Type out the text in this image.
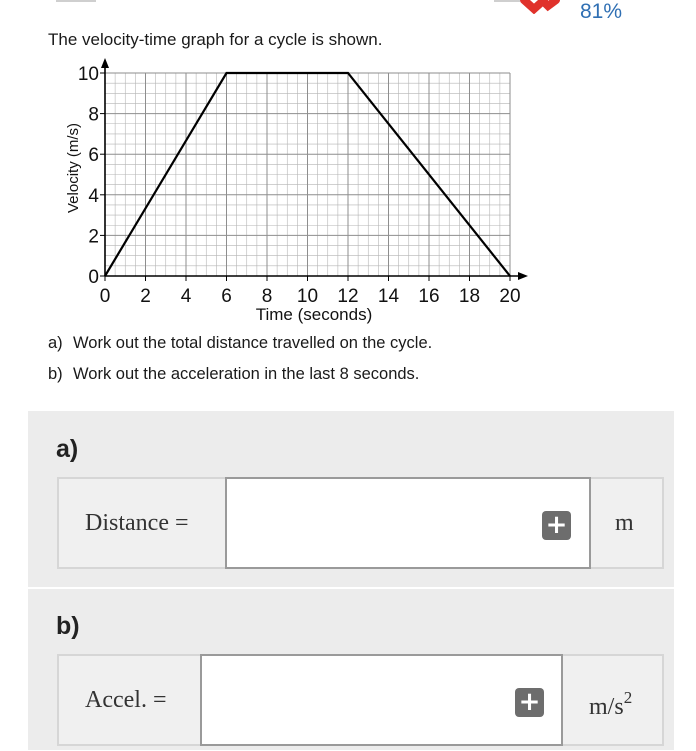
81%
The velocity-time graph for a cycle is shown.
0 2 4 6 8 10 12 14 16 18 20
0
2
4
6
8
10
Time (seconds)
Velocity (m/s)
a) Work out the total distance travelled on the cycle.
b) Work out the acceleration in the last 8 seconds.
a)
Distance =	+ m
b)
Accel. =	+ $m/s^2$
